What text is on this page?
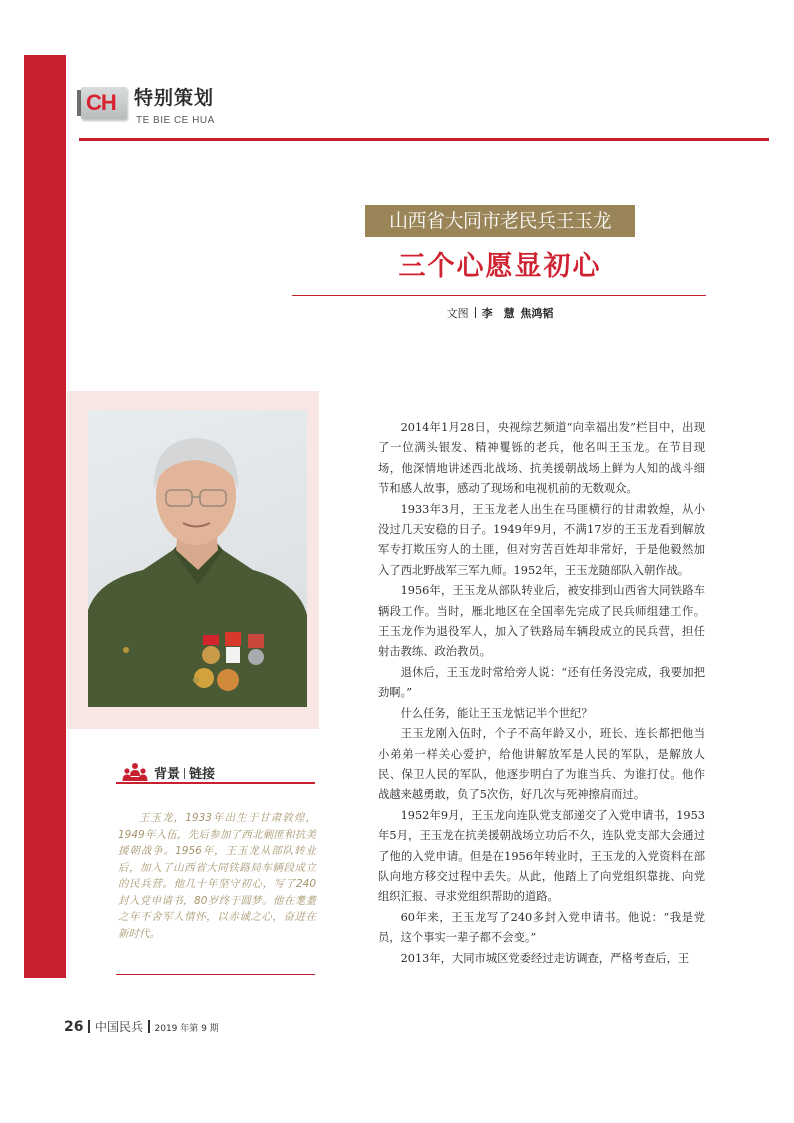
CH 特别策划
TE BIE CE HUA
山西省大同市老民兵王玉龙
三个心愿显初心
文图 李　慧 焦鸿韬
背景 链接
王玉龙，1933年出生于甘肃敦煌，1949年入伍，先后参加了西北剿匪和抗美援朝战争。1956年，王玉龙从部队转业后，加入了山西省大同铁路局车辆段成立的民兵营。他几十年坚守初心，写了240封入党申请书，80岁终于圆梦。他在耄耋之年不舍军人情怀，以赤诚之心，奋进在新时代。

2014年1月28日，央视综艺频道“向幸福出发”栏目中，出现了一位满头银发、精神矍铄的老兵，他名叫王玉龙。在节目现场，他深情地讲述西北战场、抗美援朝战场上鲜为人知的战斗细节和感人故事，感动了现场和电视机前的无数观众。

1933年3月，王玉龙老人出生在马匪横行的甘肃敦煌，从小没过几天安稳的日子。1949年9月，不满17岁的王玉龙看到解放军专打欺压穷人的土匪，但对穷苦百姓却非常好，于是他毅然加入了西北野战军三军九师。1952年，王玉龙随部队入朝作战。

1956年，王玉龙从部队转业后，被安排到山西省大同铁路车辆段工作。当时，雁北地区在全国率先完成了民兵师组建工作。王玉龙作为退役军人，加入了铁路局车辆段成立的民兵营，担任射击教练、政治教员。

退休后，王玉龙时常给旁人说：“还有任务没完成，我要加把劲啊。”

什么任务，能让王玉龙惦记半个世纪？

王玉龙刚入伍时，个子不高年龄又小，班长、连长都把他当小弟弟一样关心爱护，给他讲解放军是人民的军队，是解放人民、保卫人民的军队，他逐步明白了为谁当兵、为谁打仗。他作战越来越勇敢，负了5次伤，好几次与死神擦肩而过。

1952年9月，王玉龙向连队党支部递交了入党申请书，1953年5月，王玉龙在抗美援朝战场立功后不久，连队党支部大会通过了他的入党申请。但是在1956年转业时，王玉龙的入党资料在部队向地方移交过程中丢失。从此，他踏上了向党组织靠拢、向党组织汇报、寻求党组织帮助的道路。

60年来，王玉龙写了240多封入党申请书。他说：“我是党员，这个事实一辈子都不会变。”

2013年，大同市城区党委经过走访调查，严格考查后，王

26 中国民兵 2019 年第 9 期
